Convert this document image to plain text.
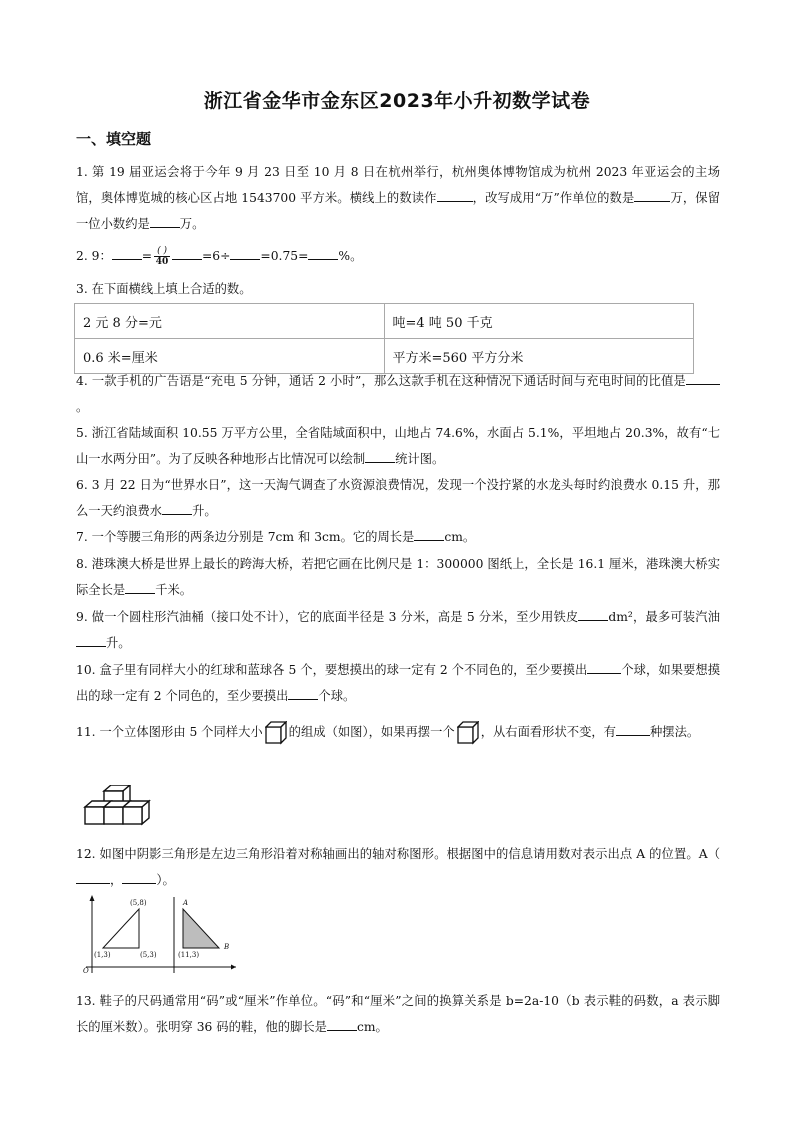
浙江省金华市金东区2023年小升初数学试卷
一、填空题
1. 第 19 届亚运会将于今年 9 月 23 日至 10 月 8 日在杭州举行，杭州奥体博物馆成为杭州 2023 年亚运会的主场馆，奥体博览城的核心区占地 1543700 平方米。横线上的数读作	，改写成用“万”作单位的数是	万，保留一位小数约是 万。
2. 9： = $\frac{( )}{40}$	=6÷ =0.75= %。
3. 在下面横线上填上合适的数。
2 元 8 分=元	吨=4 吨 50 千克
0.6 米=厘米	平方米=560 平方分米
4. 一款手机的广告语是“充电 5 分钟，通话 2 小时”，那么这款手机在这种情况下通话时间与充电时间的比值是。
5. 浙江省陆域面积 10.55 万平方公里，全省陆域面积中，山地占 74.6%，水面占 5.1%，平坦地占 20.3%，故有“七山一水两分田”。为了反映各种地形占比情况可以绘制 统计图。
6. 3 月 22 日为“世界水日”，这一天淘气调查了水资源浪费情况，发现一个没拧紧的水龙头每时约浪费水 0.15 升，那么一天约浪费水 升。
7. 一个等腰三角形的两条边分别是 7cm 和 3cm。它的周长是 cm。
8. 港珠澳大桥是世界上最长的跨海大桥，若把它画在比例尺是 1：300000 图纸上，全长是 16.1 厘米，港珠澳大桥实际全长是 千米。
9. 做一个圆柱形汽油桶（接口处不计），它的底面半径是 3 分米，高是 5 分米，至少用铁皮 dm²，最多可装汽油升。
10. 盒子里有同样大小的红球和蓝球各 5 个，要想摸出的球一定有 2 个不同色的，至少要摸出	个球，如果要想摸出的球一定有 2 个同色的，至少要摸出 个球。
11. 一个立体图形由 5 个同样大小 的组成（如图），如果再摆一个 ，从右面看形状不变，有	种摆法。
12. 如图中阴影三角形是左边三角形沿着对称轴画出的轴对称图形。根据图中的信息请用数对表示出点 A 的位置。A（，	）。
(5,8)
(1,3)	(5,3)	(11,3)
A
B
O
13. 鞋子的尺码通常用“码”或“厘米”作单位。“码”和“厘米”之间的换算关系是 b=2a-10（b 表示鞋的码数，a 表示脚长的厘米数）。张明穿 36 码的鞋，他的脚长是 cm。
